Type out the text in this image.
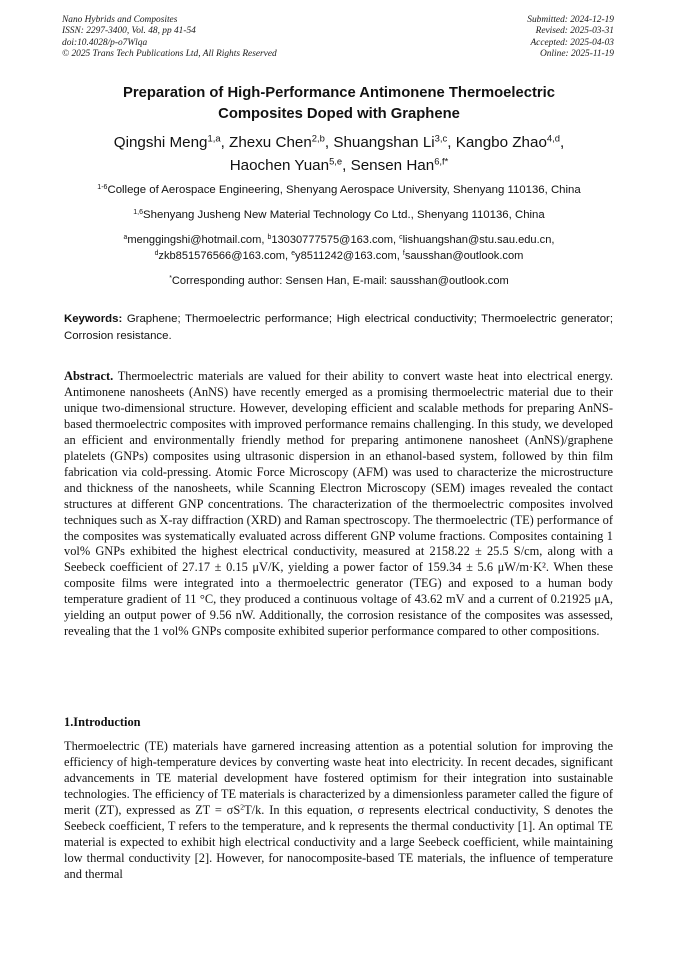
Nano Hybrids and Composites
ISSN: 2297-3400, Vol. 48, pp 41-54
doi:10.4028/p-o7Wlqa
© 2025 Trans Tech Publications Ltd, All Rights Reserved
Submitted: 2024-12-19
Revised: 2025-03-31
Accepted: 2025-04-03
Online: 2025-11-19
Preparation of High-Performance Antimonene Thermoelectric
Composites Doped with Graphene
Qingshi Meng$^{1,a}$, Zhexu Chen$^{2,b}$, Shuangshan Li$^{3,c}$, Kangbo Zhao$^{4,d}$,
Haochen Yuan$^{5,e}$, Sensen Han$^{6,f*}$
$^{1-6}$College of Aerospace Engineering, Shenyang Aerospace University, Shenyang 110136, China
$^{1,6}$Shenyang Jusheng New Material Technology Co Ltd., Shenyang 110136, China
$^a$menggingshi@hotmail.com, $^b$13030777575@163.com, $^c$lishuangshan@stu.sau.edu.cn,
$^d$zkb851576566@163.com, $^e$y8511242@163.com, $^f$sausshan@outlook.com
*Corresponding author: Sensen Han, E-mail: sausshan@outlook.com
Keywords: Graphene; Thermoelectric performance; High electrical conductivity; Thermoelectric generator; Corrosion resistance.
Abstract. Thermoelectric materials are valued for their ability to convert waste heat into electrical energy. Antimonene nanosheets (AnNS) have recently emerged as a promising thermoelectric material due to their unique two-dimensional structure. However, developing efficient and scalable methods for preparing AnNS-based thermoelectric composites with improved performance remains challenging. In this study, we developed an efficient and environmentally friendly method for preparing antimonene nanosheet (AnNS)/graphene platelets (GNPs) composites using ultrasonic dispersion in an ethanol-based system, followed by thin film fabrication via cold-pressing. Atomic Force Microscopy (AFM) was used to characterize the microstructure and thickness of the nanosheets, while Scanning Electron Microscopy (SEM) images revealed the contact structures at different GNP concentrations. The characterization of the thermoelectric composites involved techniques such as X-ray diffraction (XRD) and Raman spectroscopy. The thermoelectric (TE) performance of the composites was systematically evaluated across different GNP volume fractions. Composites containing 1 vol% GNPs exhibited the highest electrical conductivity, measured at 2158.22 ± 25.5 S/cm, along with a Seebeck coefficient of 27.17 ± 0.15 μV/K, yielding a power factor of 159.34 ± 5.6 μW/m·K². When these composite films were integrated into a thermoelectric generator (TEG) and exposed to a human body temperature gradient of 11 °C, they produced a continuous voltage of 43.62 mV and a current of 0.21925 μA, yielding an output power of 9.56 nW. Additionally, the corrosion resistance of the composites was assessed, revealing that the 1 vol% GNPs composite exhibited superior performance compared to other compositions.
1.Introduction
Thermoelectric (TE) materials have garnered increasing attention as a potential solution for improving the efficiency of high-temperature devices by converting waste heat into electricity. In recent decades, significant advancements in TE material development have fostered optimism for their integration into sustainable technologies. The efficiency of TE materials is characterized by a dimensionless parameter called the figure of merit (ZT), expressed as ZT = $\sigma S^2T/k$. In this equation, σ represents electrical conductivity, S denotes the Seebeck coefficient, T refers to the temperature, and k represents the thermal conductivity [1]. An optimal TE material is expected to exhibit high electrical conductivity and a large Seebeck coefficient, while maintaining low thermal conductivity [2]. However, for nanocomposite-based TE materials, the influence of temperature and thermal
